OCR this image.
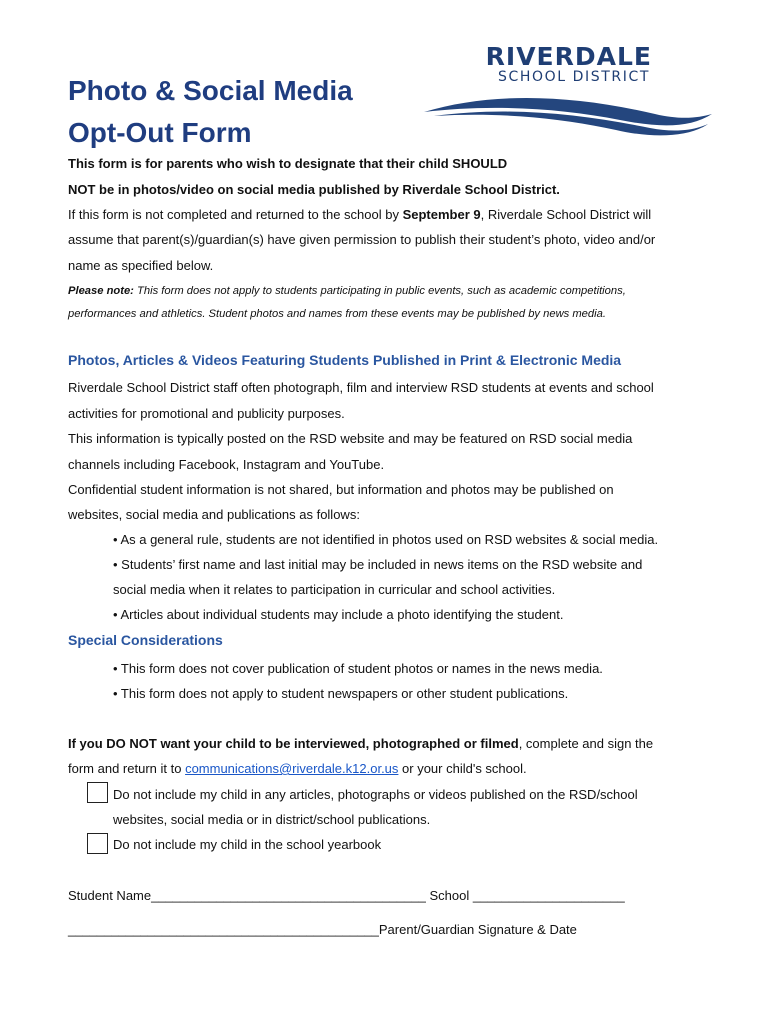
RIVERDALE
SCHOOL DISTRICT
Photo & Social Media
Opt-Out Form
This form is for parents who wish to designate that their child SHOULD
NOT be in photos/video on social media published by Riverdale School District.
If this form is not completed and returned to the school by September 9, Riverdale School District will
assume that parent(s)/guardian(s) have given permission to publish their student’s photo, video and/or
name as specified below.
Please note: This form does not apply to students participating in public events, such as academic competitions,
performances and athletics. Student photos and names from these events may be published by news media.
Photos, Articles & Videos Featuring Students Published in Print & Electronic Media
Riverdale School District staff often photograph, film and interview RSD students at events and school
activities for promotional and publicity purposes.
This information is typically posted on the RSD website and may be featured on RSD social media
channels including Facebook, Instagram and YouTube.
Confidential student information is not shared, but information and photos may be published on
websites, social media and publications as follows:
• As a general rule, students are not identified in photos used on RSD websites & social media.
• Students’ first name and last initial may be included in news items on the RSD website and
social media when it relates to participation in curricular and school activities.
• Articles about individual students may include a photo identifying the student.
Special Considerations
• This form does not cover publication of student photos or names in the news media.
• This form does not apply to student newspapers or other student publications.
If you DO NOT want your child to be interviewed, photographed or filmed, complete and sign the
form and return it to communications@riverdale.k12.or.us or your child's school.
Do not include my child in any articles, photographs or videos published on the RSD/school
websites, social media or in district/school publications.
Do not include my child in the school yearbook
Student Name______________________________________ School _____________________
___________________________________________Parent/Guardian Signature & Date
